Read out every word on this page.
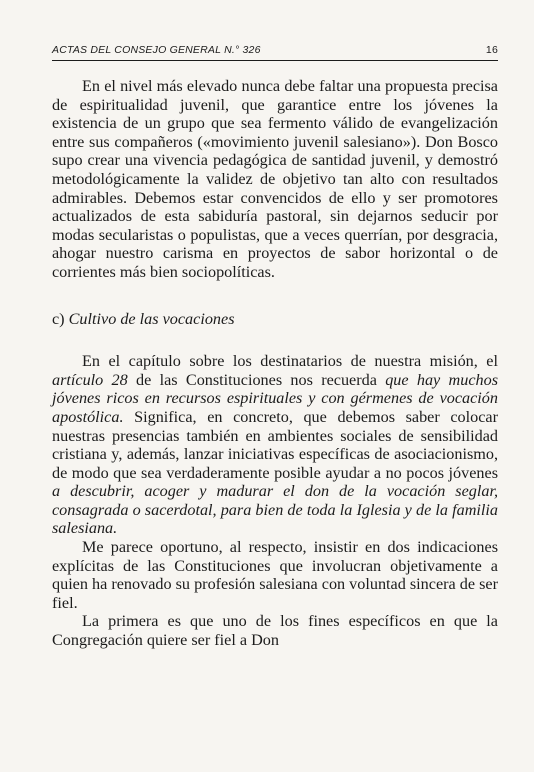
ACTAS DEL CONSEJO GENERAL N.° 326	16

En el nivel más elevado nunca debe faltar una propuesta precisa de espiritualidad juvenil, que garantice entre los jóvenes la existencia de un grupo que sea fermento válido de evangelización entre sus compañeros («movimiento juvenil salesiano»). Don Bosco supo crear una vivencia pedagógica de santidad juvenil, y demostró metodológicamente la validez de objetivo tan alto con resultados admirables. Debemos estar convencidos de ello y ser promotores actualizados de esta sabiduría pastoral, sin dejarnos seducir por modas secularistas o populistas, que a veces querrían, por desgracia, ahogar nuestro carisma en proyectos de sabor horizontal o de corrientes más bien sociopolíticas.

c) Cultivo de las vocaciones

En el capítulo sobre los destinatarios de nuestra misión, el artículo 28 de las Constituciones nos recuerda que hay muchos jóvenes ricos en recursos espirituales y con gérmenes de vocación apostólica. Significa, en concreto, que debemos saber colocar nuestras presencias también en ambientes sociales de sensibilidad cristiana y, además, lanzar iniciativas específicas de asociacionismo, de modo que sea verdaderamente posible ayudar a no pocos jóvenes a descubrir, acoger y madurar el don de la vocación seglar, consagrada o sacerdotal, para bien de toda la Iglesia y de la familia salesiana.

Me parece oportuno, al respecto, insistir en dos indicaciones explícitas de las Constituciones que involucran objetivamente a quien ha renovado su profesión salesiana con voluntad sincera de ser fiel.

La primera es que uno de los fines específicos en que la Congregación quiere ser fiel a Don
